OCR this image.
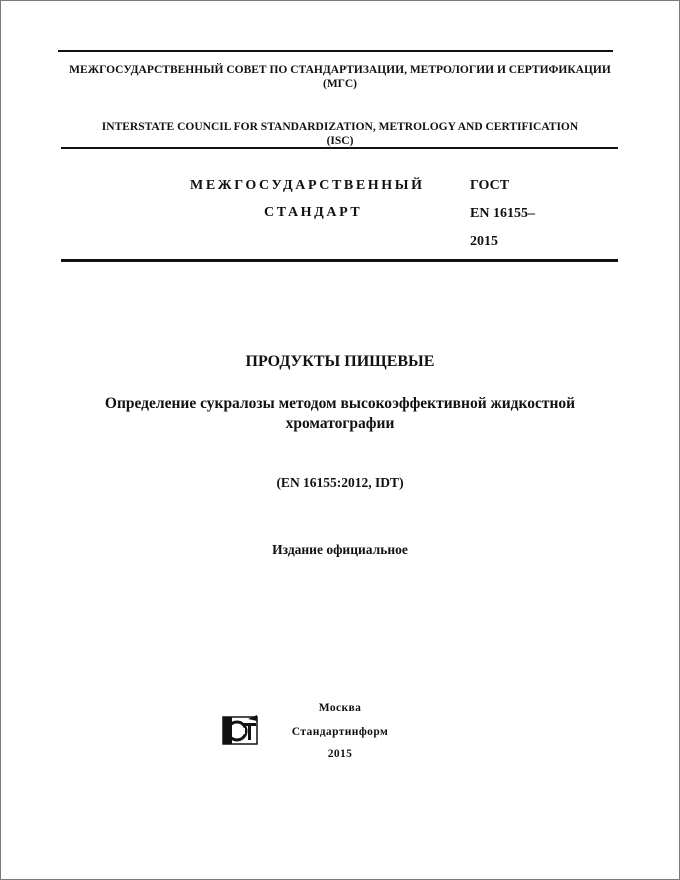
МЕЖГОСУДАРСТВЕННЫЙ СОВЕТ ПО СТАНДАРТИЗАЦИИ, МЕТРОЛОГИИ И СЕРТИФИКАЦИИ
(МГС)
INTERSTATE COUNCIL FOR STANDARDIZATION, METROLOGY AND CERTIFICATION
(ISC)
МЕЖГОСУДАРСТВЕННЫЙ
СТАНДАРТ
ГОСТ
EN 16155–
2015
ПРОДУКТЫ ПИЩЕВЫЕ
Определение сукралозы методом высокоэффективной жидкостной
хроматографии
(EN 16155:2012, IDT)
Издание официальное
Москва
Стандартинформ
2015
